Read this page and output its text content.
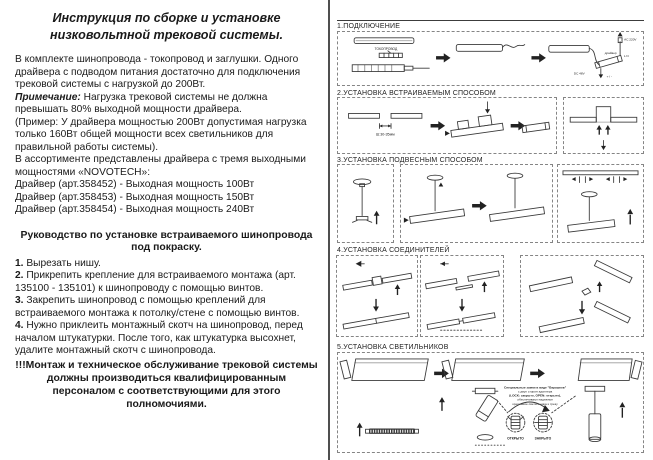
Инструкция по сборке и установке низковольтной трековой системы.

В комплекте шинопровода - токопровод и заглушки. Одного драйвера с подводом питания достаточно для подключения трековой системы с нагрузкой до 200Вт.

Примечание: Нагрузка трековой системы не должна превышать 80% выходной мощности драйвера.

(Пример: У драйвера мощностью 200Вт допустимая нагрузка только 160Вт общей мощности всех светильников для правильной работы системы).

В ассортименте представлены драйвера с тремя выходными мощностями «NOVOTECH»:

Драйвер (арт.358452) - Выходная мощность 100Вт

Драйвер (арт.358453) - Выходная мощность 150Вт

Драйвер (арт.358454) - Выходная мощность 240Вт

Руководство по установке встраиваемого шинопровода под покраску.

1. Вырезать нишу.

2. Прикрепить крепление для встраиваемого монтажа (арт. 135100 - 135101) к шинопроводу с помощью винтов.

3. Закрепить шинопровод с помощью креплений для встраиваемого монтажа к потолку/стене с помощью винтов.

4. Нужно приклеить монтажный скотч на шинопровод, перед началом штукатурки. После того, как штукатурка высохнет, удалите монтажный скотч с шинопровода.

!!!Монтаж и техническое обслуживание трековой системы должны производиться квалифицированным персоналом с соответствующими для этого полномочиями.

1.ПОДКЛЮЧЕНИЕ
ТОКОПРОВОД
DC 48V
+ / -
драйвер
L N
AC 220V
2.УСТАНОВКА ВСТРАИВАЕМЫМ СПОСОБОМ
Ш:30-35мм
3.УСТАНОВКА ПОДВЕСНЫМ СПОСОБОМ
4.УСТАНОВКА СОЕДИНИТЕЛЕЙ
5.УСТАНОВКА СВЕТИЛЬНИКОВ
Специальные замки в виде "Барашков"
с двух сторон адаптера
(LOCK: закрыто, OPEN: открыто),
обеспечивают надежное
крепление светильника к треку
ОТКРЫТО	ЗАКРЫТО
